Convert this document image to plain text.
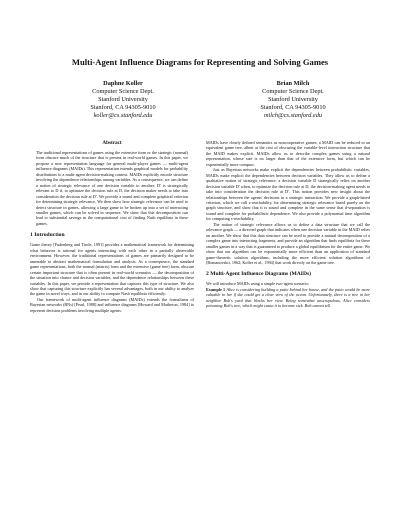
Multi-Agent Influence Diagrams for Representing and Solving Games
Daphne Koller
Computer Science Dept.
Stanford University
Stanford, CA 94305-9010
koller@cs.stanford.edu
Brian Milch
Computer Science Dept.
Stanford University
Stanford, CA 94305-9010
milch@cs.stanford.edu
Abstract

The traditional representations of games using the extensive form or the strategic (normal) form obscure much of the structure that is present in real-world games. In this paper, we propose a new representation language for general multi-player games — multi-agent influence diagrams (MAIDs). This representation extends graphical models for probability distributions to a multi-agent decision-making context. MAIDs explicitly encode structure involving the dependence relationships among variables. As a consequence, we can define a notion of strategic relevance of one decision variable to another: D′ is strategically relevant to D if, to optimize the decision rule at D, the decision maker needs to take into consideration the decision rule at D′. We provide a sound and complete graphical criterion for determining strategic relevance. We then show how strategic relevance can be used to detect structure in games, allowing a large game to be broken up into a set of interacting smaller games, which can be solved in sequence. We show that this decomposition can lead to substantial savings in the computational cost of finding Nash equilibria in these games.

1 Introduction

Game theory [Fudenberg and Tirole, 1991] provides a mathematical framework for determining what behavior is rational for agents interacting with each other in a partially observable environment. However, the traditional representations of games are primarily designed to be amenable to abstract mathematical formulation and analysis. As a consequence, the standard game representations, both the normal (matrix) form and the extensive (game tree) form, obscure certain important structure that is often present in real-world scenarios — the decomposition of the situation into chance and decision variables, and the dependence relationships between these variables. In this paper, we provide a representation that captures this type of structure. We also show that capturing this structure explicitly has several advantages, both in our ability to analyze the game in novel ways, and in our ability to compute Nash equilibria efficiently.

Our framework of multi-agent influence diagrams (MAIDs) extends the formalisms of Bayesian networks (BNs) [Pearl, 1988] and influence diagrams [Howard and Matheson, 1984] to represent decision problems involving multiple agents.

MAIDs have clearly defined semantics as noncooperative games: a MAID can be reduced to an equivalent game tree, albeit at the cost of obscuring the variable-level interaction structure that the MAID makes explicit. MAIDs allow us to describe complex games using a natural representation, whose size is no larger than that of the extensive form, but which can be exponentially more compact.

Just as Bayesian networks make explicit the dependencies between probabilistic variables, MAIDs make explicit the dependencies between decision variables. They allow us to define a qualitative notion of strategic relevance: a decision variable D strategically relies on another decision variable D′ when, to optimize the decision rule at D, the decision-making agent needs to take into consideration the decision rule at D′. This notion provides new insight about the relationships between the agents' decisions in a strategic interaction. We provide a graph-based criterion, which we call s-reachability, for determining strategic relevance based purely on the graph structure, and show that it is sound and complete in the same sense that d-separation is sound and complete for probabilistic dependence. We also provide a polynomial time algorithm for computing s-reachability.

The notion of strategic relevance allows us to define a data structure that we call the relevance graph — a directed graph that indicates when one decision variable in the MAID relies on another. We show that this data structure can be used to provide a natural decomposition of a complex game into interacting fragments, and provide an algorithm that finds equilibria for these smaller games in a way that is guaranteed to produce a global equilibrium for the entire game. We show that our algorithm can be exponentially more efficient than an application of standard game-theoretic solution algorithms, including the more efficient solution algorithms of [Romanovskii, 1962; Koller et al., 1994] that work directly on the game tree.

2 Multi-Agent Influence Diagrams (MAIDs)

We will introduce MAIDs using a simple two-agent scenario:

Example 1 Alice is considering building a patio behind her house, and the patio would be more valuable to her if she could get a clear view of the ocean. Unfortunately, there is a tree in her neighbor Bob's yard that blocks her view. Being somewhat unscrupulous, Alice considers poisoning Bob's tree, which might cause it to become sick. Bob cannot tell
